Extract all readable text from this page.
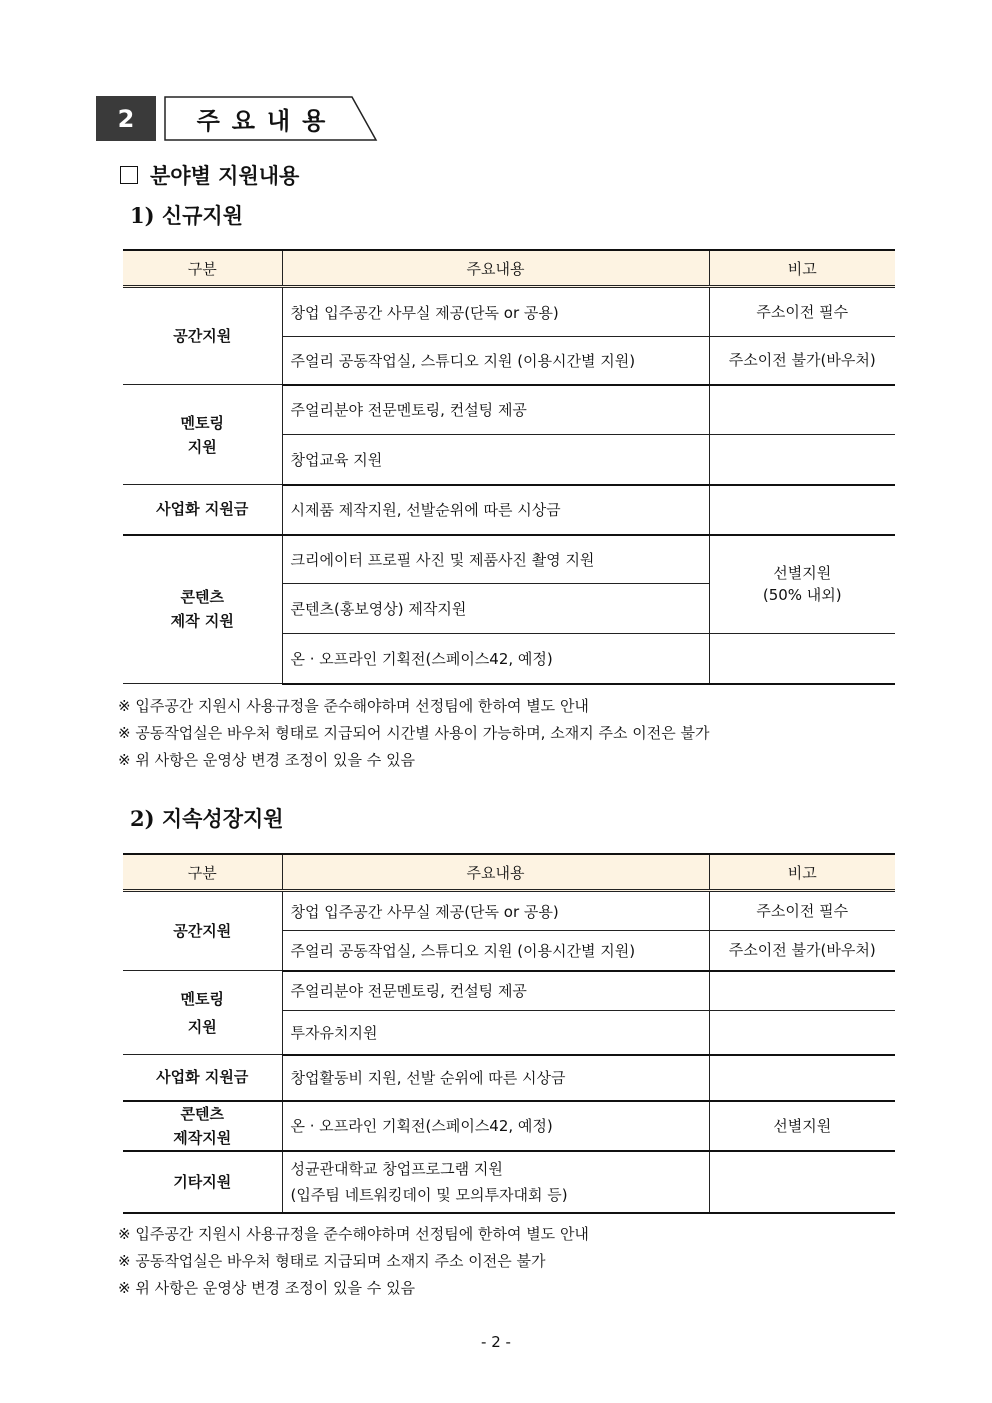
2	주요내용
분야별 지원내용
1) 신규지원
구분	주요내용	비고
공간지원	창업 입주공간 사무실 제공(단독 or 공용)	주소이전 필수
	주얼리 공동작업실, 스튜디오 지원 (이용시간별 지원)	주소이전 불가(바우처)
멘토링
지원	주얼리분야 전문멘토링, 컨설팅 제공	
	창업교육 지원	
사업화 지원금	시제품 제작지원, 선발순위에 따른 시상금	
콘텐츠
제작 지원	크리에이터 프로필 사진 및 제품사진 촬영 지원	선별지원
(50% 내외)
	콘텐츠(홍보영상) 제작지원	
	온 · 오프라인 기획전(스페이스42, 예정)	
※ 입주공간 지원시 사용규정을 준수해야하며 선정팀에 한하여 별도 안내
※ 공동작업실은 바우처 형태로 지급되어 시간별 사용이 가능하며, 소재지 주소 이전은 불가
※ 위 사항은 운영상 변경 조정이 있을 수 있음
2) 지속성장지원
구분	주요내용	비고
공간지원	창업 입주공간 사무실 제공(단독 or 공용)	주소이전 필수
	주얼리 공동작업실, 스튜디오 지원 (이용시간별 지원)	주소이전 불가(바우처)
멘토링
지원	주얼리분야 전문멘토링, 컨설팅 제공	
	투자유치지원	
사업화 지원금	창업활동비 지원, 선발 순위에 따른 시상금	
콘텐츠
제작지원	온 · 오프라인 기획전(스페이스42, 예정)	선별지원
기타지원	성균관대학교 창업프로그램 지원
(입주팀 네트워킹데이 및 모의투자대회 등)	
※ 입주공간 지원시 사용규정을 준수해야하며 선정팀에 한하여 별도 안내
※ 공동작업실은 바우처 형태로 지급되며 소재지 주소 이전은 불가
※ 위 사항은 운영상 변경 조정이 있을 수 있음
- 2 -
